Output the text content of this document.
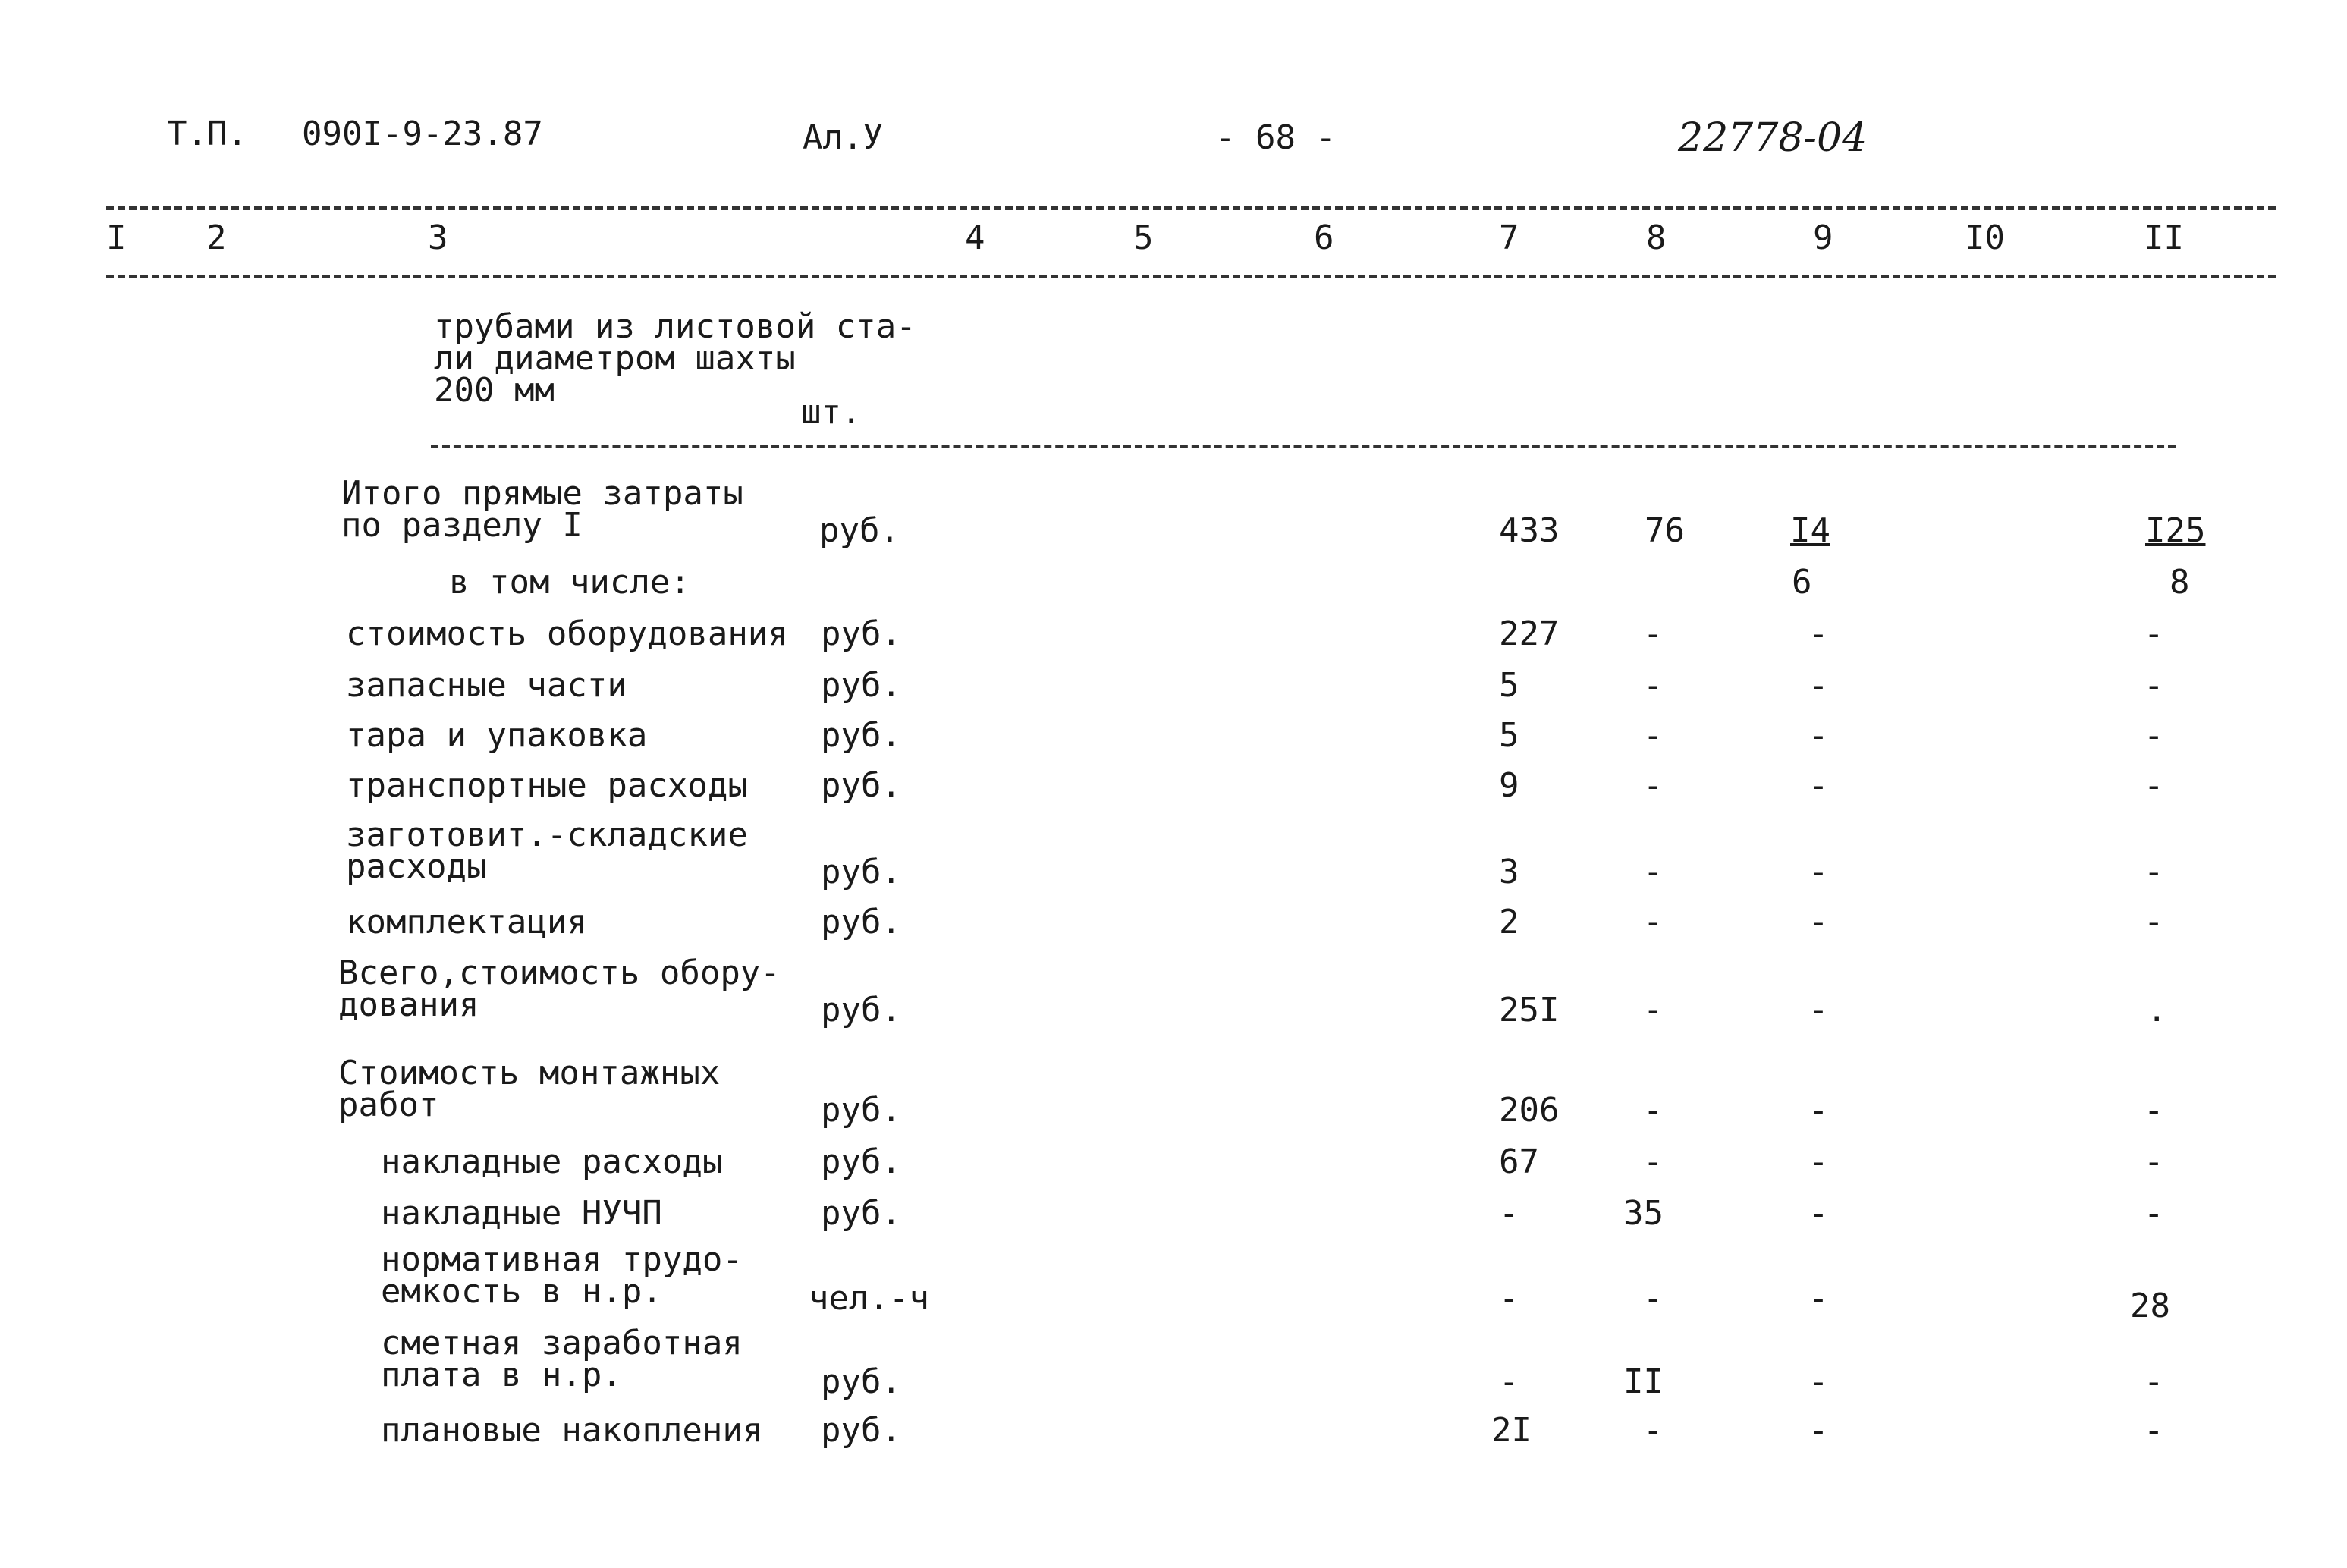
Т.П. 090I-9-23.87	Ал.У	- 68 -	22778-04
I 2	3	4	5	6	7	8	9	I0	II
трубами из листовой ста-
ли диаметром шахты
200 мм
шт.
Итого прямые затраты
по разделу I	руб.	433	76	I4	I25
в том числе:	6	8
стоимость оборудования руб.	227	-	-	-
запасные части	руб.	5	-	-	-
тара и упаковка	руб.	5	-	-	-
транспортные расходы руб.	9	-	-	-
заготовит.-складские
расходы	руб.	3	-	-	-
комплектация	руб.	2	-	-	-
Всего,стоимость обору-
дования	руб.	25I	-	-	.
Стоимость монтажных
работ	руб.	206	-	-	-
накладные расходы	руб.	67	-	-	-
накладные НУЧП	руб.	-	35	-	-
нормативная трудо-
емкость в н.р.	чел.-ч	-	-	-	28
сметная заработная
плата в н.р.	руб.	-	II	-	-
плановые накопления руб.	2I	-	-	-
